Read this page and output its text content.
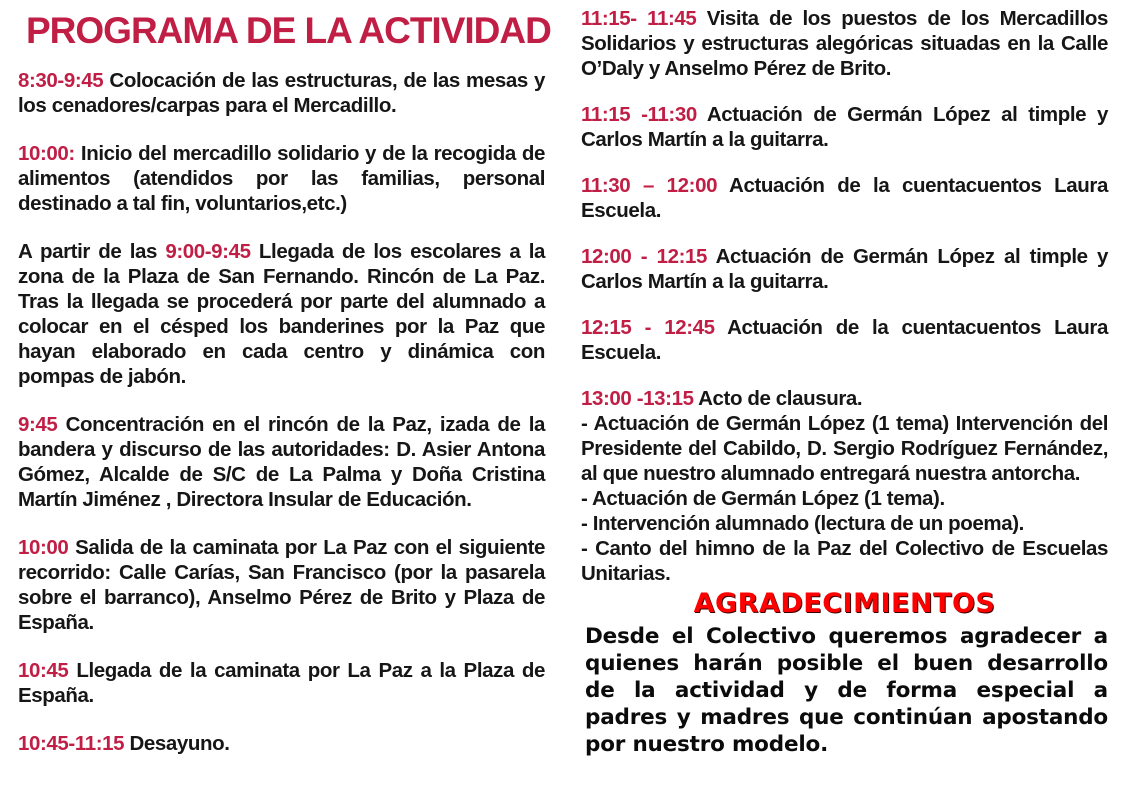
PROGRAMA DE LA ACTIVIDAD

8:30-9:45 Colocación de las estructuras, de las mesas y los cenadores/carpas para el Mercadillo.

10:00: Inicio del mercadillo solidario y de la recogida de alimentos (atendidos por las familias, personal destinado a tal fin, voluntarios,etc.)

A partir de las 9:00-9:45 Llegada de los escolares a la zona de la Plaza de San Fernando. Rincón de La Paz. Tras la llegada se procederá por parte del alumnado a colocar en el césped los banderines por la Paz que hayan elaborado en cada centro y dinámica con pompas de jabón.

9:45 Concentración en el rincón de la Paz, izada de la bandera y discurso de las autoridades: D. Asier Antona Gómez, Alcalde de S/C de La Palma y Doña Cristina Martín Jiménez , Directora Insular de Educación.

10:00 Salida de la caminata por La Paz con el siguiente recorrido: Calle Carías, San Francisco (por la pasarela sobre el barranco), Anselmo Pérez de Brito y Plaza de España.

10:45 Llegada de la caminata por La Paz a la Plaza de España.

10:45-11:15 Desayuno.

11:15- 11:45 Visita de los puestos de los Mercadillos Solidarios y estructuras alegóricas situadas en la Calle O’Daly y Anselmo Pérez de Brito.

11:15 -11:30 Actuación de Germán López al timple y Carlos Martín a la guitarra.

11:30 – 12:00 Actuación de la cuentacuentos Laura Escuela.

12:00 - 12:15 Actuación de Germán López al timple y Carlos Martín a la guitarra.

12:15 - 12:45 Actuación de la cuentacuentos Laura Escuela.

13:00 -13:15 Acto de clausura.

- Actuación de Germán López (1 tema) Intervención del Presidente del Cabildo, D. Sergio Rodríguez Fernández, al que nuestro alumnado entregará nuestra antorcha.

- Actuación de Germán López (1 tema).

- Intervención alumnado (lectura de un poema).

- Canto del himno de la Paz del Colectivo de Escuelas Unitarias.

AGRADECIMIENTOS

Desde el Colectivo queremos agradecer a quienes harán posible el buen desarrollo de la actividad y de forma especial a padres y madres que continúan apostando por nuestro modelo.
